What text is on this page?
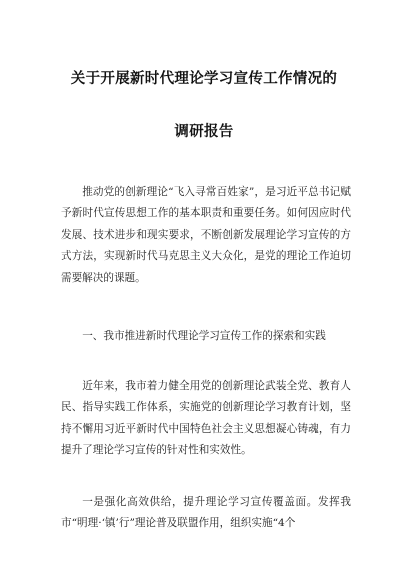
关于开展新时代理论学习宣传工作情况的
调研报告

推动党的创新理论“飞入寻常百姓家”，是习近平总书记赋予新时代宣传思想工作的基本职责和重要任务。如何因应时代发展、技术进步和现实要求，不断创新发展理论学习宣传的方式方法，实现新时代马克思主义大众化，是党的理论工作迫切需要解决的课题。

一、我市推进新时代理论学习宣传工作的探索和实践

近年来，我市着力健全用党的创新理论武装全党、教育人民、指导实践工作体系，实施党的创新理论学习教育计划，坚持不懈用习近平新时代中国特色社会主义思想凝心铸魂，有力提升了理论学习宣传的针对性和实效性。

一是强化高效供给，提升理论学习宣传覆盖面。发挥我市“明理·‘镇’行”理论普及联盟作用，组织实施“4个
